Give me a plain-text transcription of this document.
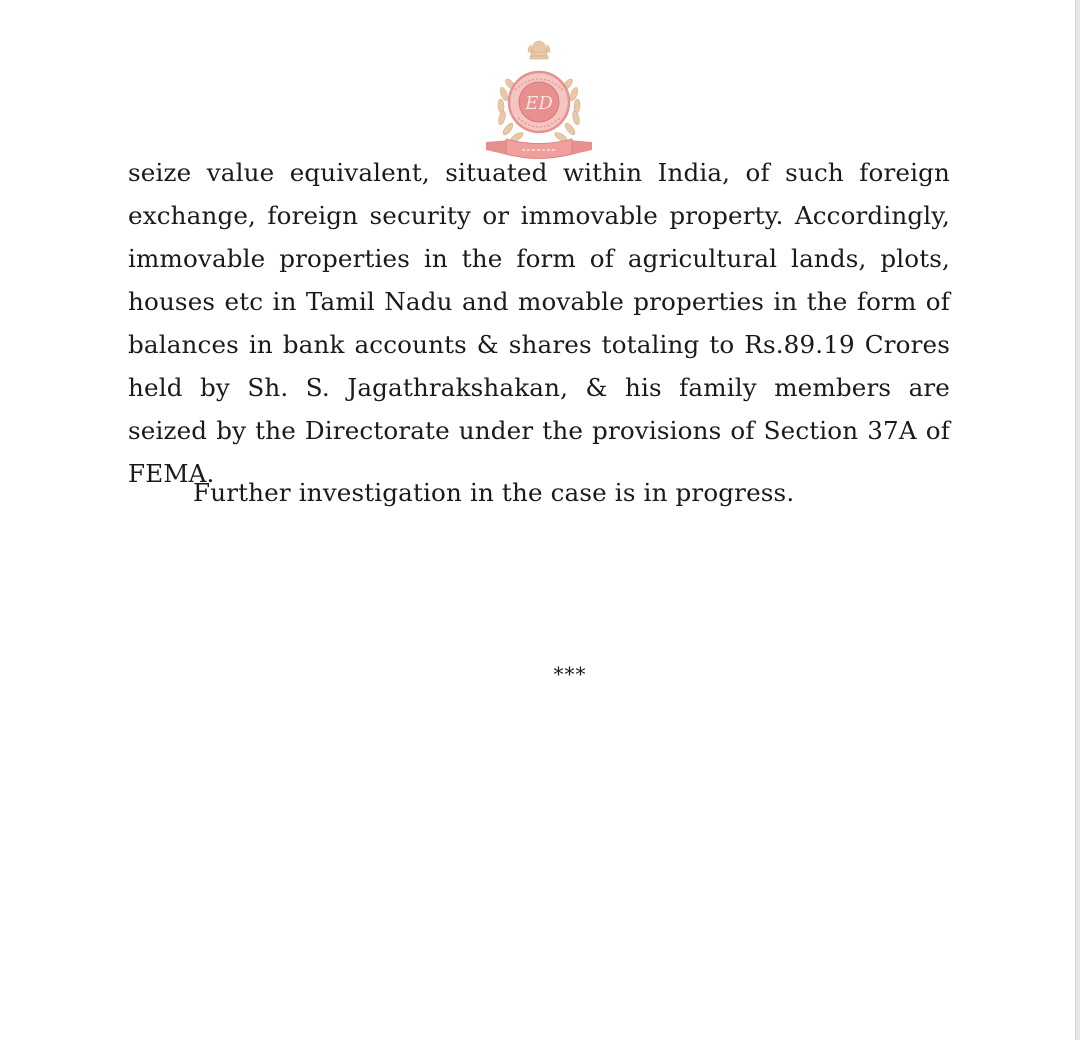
ED

seize value equivalent, situated within India, of such foreign exchange, foreign security or immovable property. Accordingly, immovable properties in the form of agricultural lands, plots, houses etc in Tamil Nadu and movable properties in the form of balances in bank accounts & shares totaling to Rs.89.19 Crores held by Sh. S. Jagathrakshakan, & his family members are seized by the Directorate under the provisions of Section 37A of FEMA.

Further investigation in the case is in progress.

***
